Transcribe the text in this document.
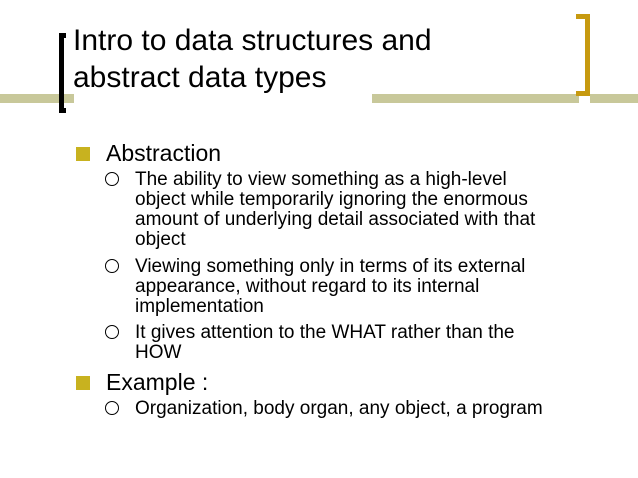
Intro to data structures and
abstract data types
Abstraction
The ability to view something as a high-level
object while temporarily ignoring the enormous
amount of underlying detail associated with that
object
Viewing something only in terms of its external
appearance, without regard to its internal
implementation
It gives attention to the WHAT rather than the
HOW
Example :
Organization, body organ, any object, a program
